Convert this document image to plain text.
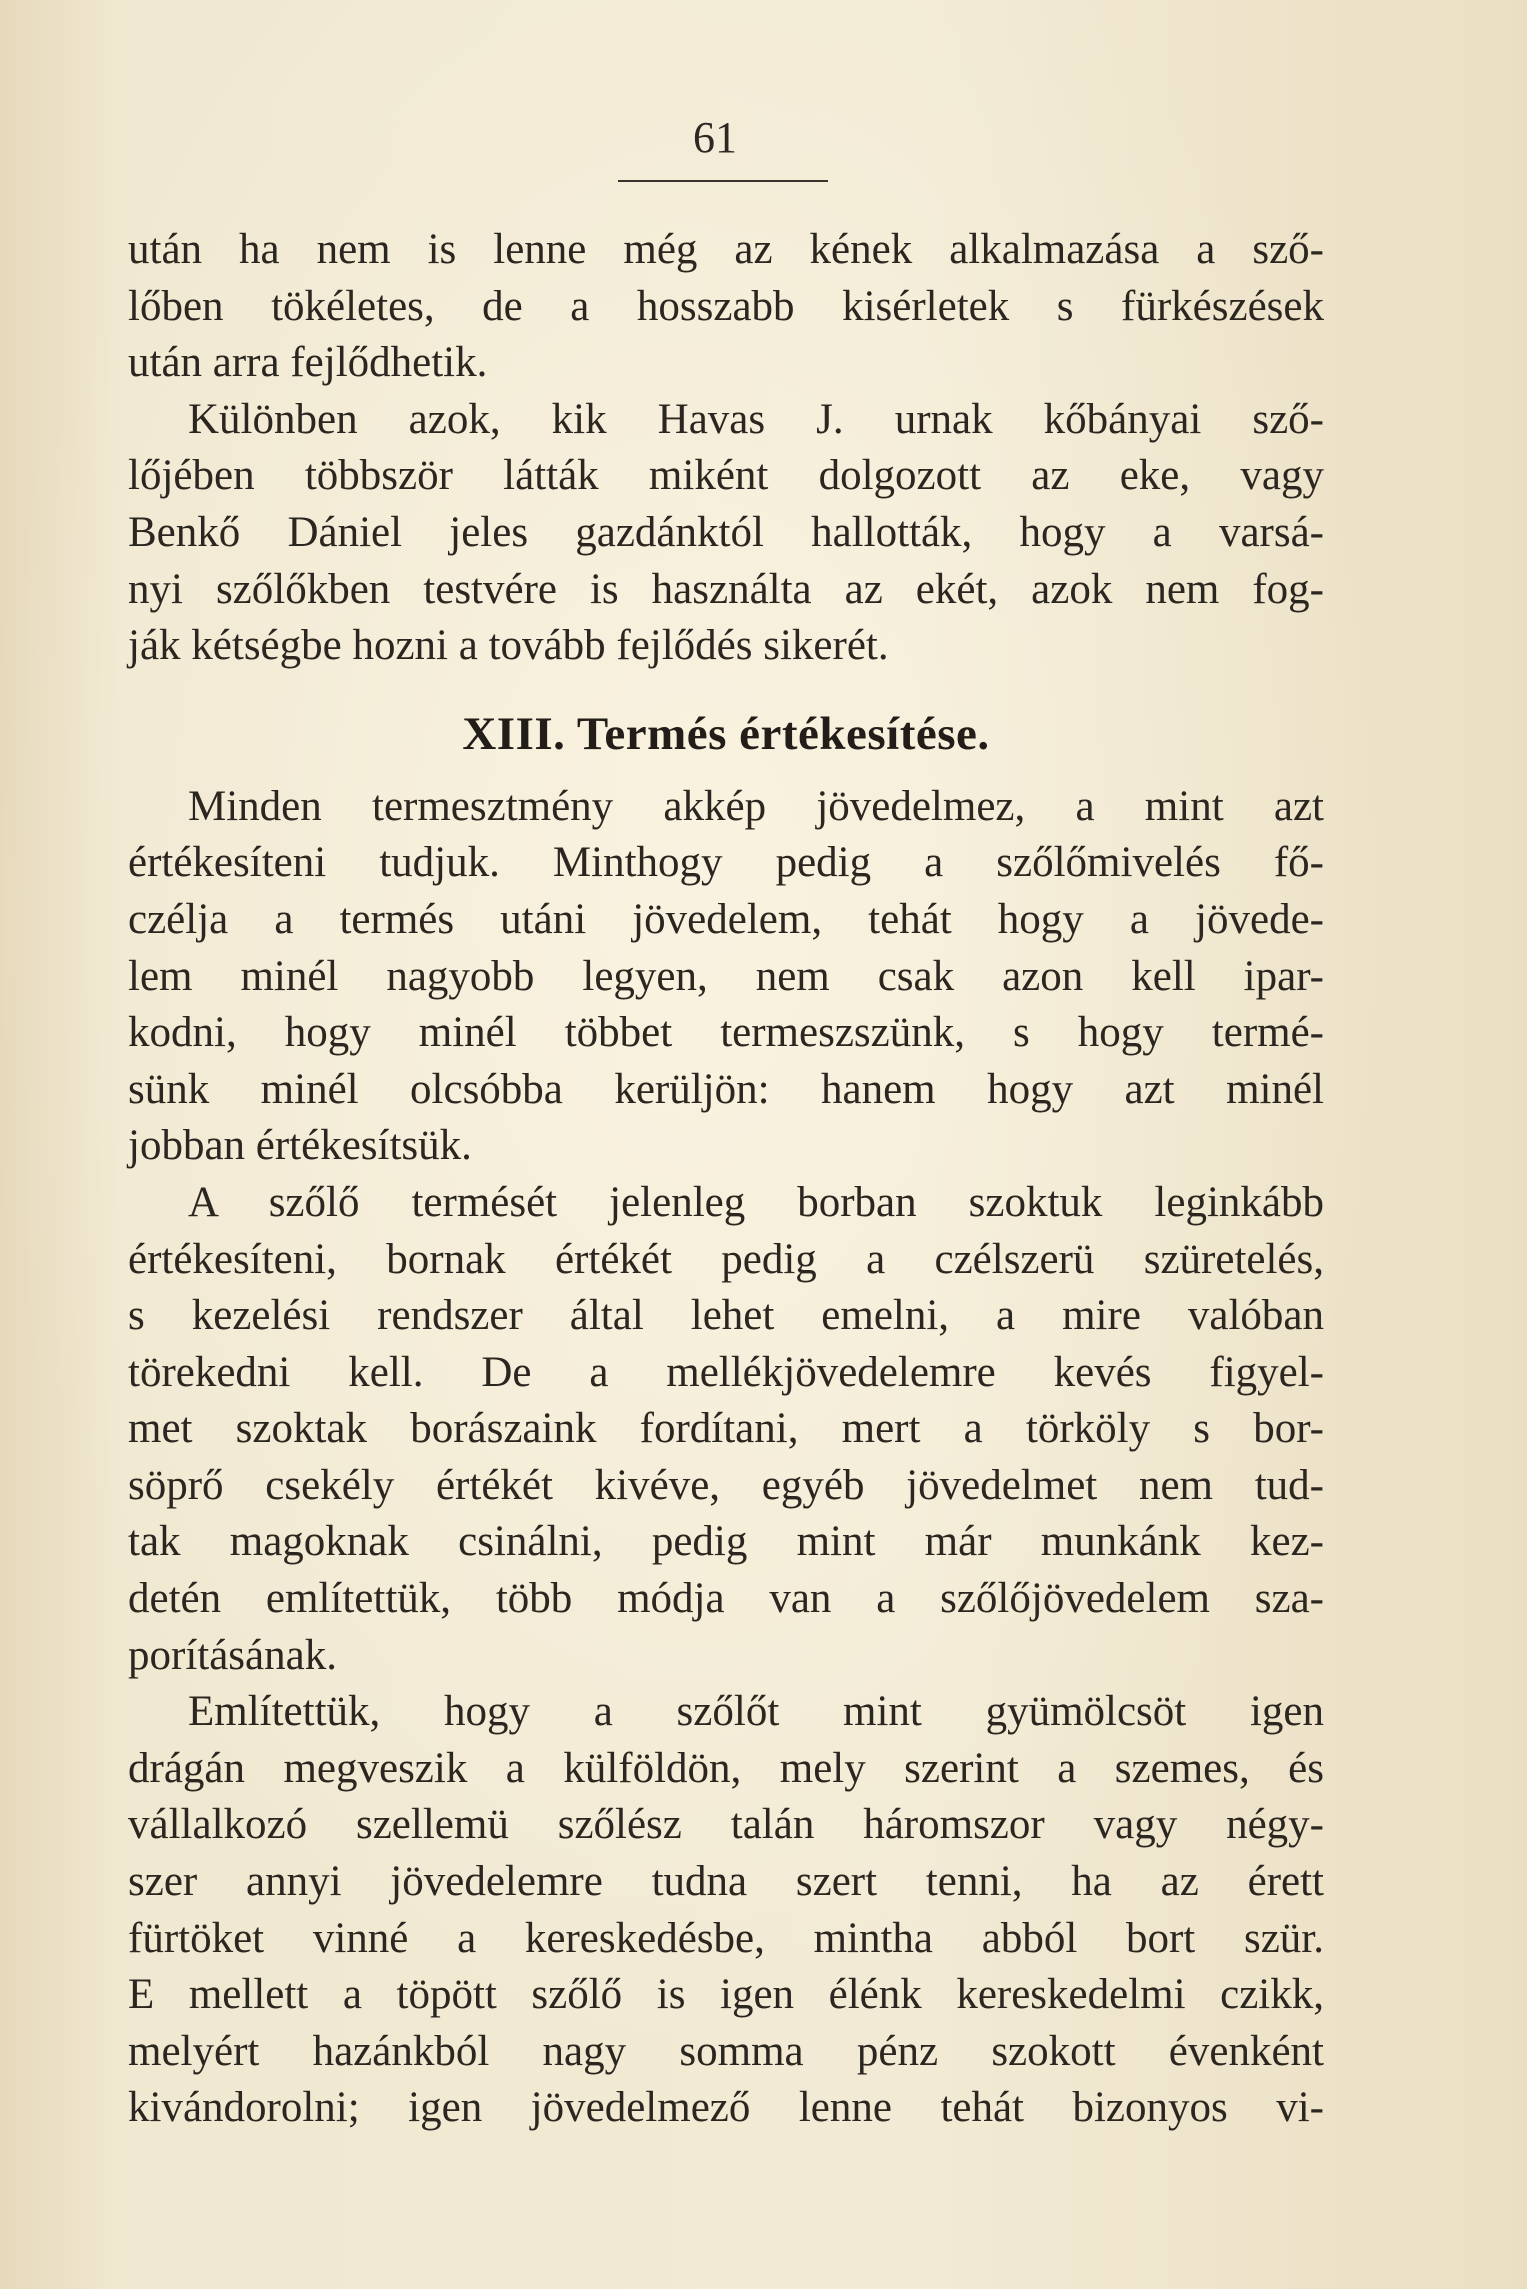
61
után ha nem is lenne még az kének alkalmazása a sző-
lőben tökéletes, de a hosszabb kisérletek s fürkészések
után arra fejlődhetik.
Különben azok, kik Havas J. urnak kőbányai sző-
lőjében többször látták miként dolgozott az eke, vagy
Benkő Dániel jeles gazdánktól hallották, hogy a varsá-
nyi szőlőkben testvére is használta az ekét, azok nem fog-
ják kétségbe hozni a tovább fejlődés sikerét.
XIII. Termés értékesítése.
Minden termesztmény akkép jövedelmez, a mint azt
értékesíteni tudjuk. Minthogy pedig a szőlőmivelés fő-
czélja a termés utáni jövedelem, tehát hogy a jövede-
lem minél nagyobb legyen, nem csak azon kell ipar-
kodni, hogy minél többet termeszszünk, s hogy termé-
sünk minél olcsóbba kerüljön: hanem hogy azt minél
jobban értékesítsük.
A szőlő termését jelenleg borban szoktuk leginkább
értékesíteni, bornak értékét pedig a czélszerü szüretelés,
s kezelési rendszer által lehet emelni, a mire valóban
törekedni kell. De a mellékjövedelemre kevés figyel-
met szoktak borászaink fordítani, mert a törköly s bor-
söprő csekély értékét kivéve, egyéb jövedelmet nem tud-
tak magoknak csinálni, pedig mint már munkánk kez-
detén említettük, több módja van a szőlőjövedelem sza-
porításának.
Említettük, hogy a szőlőt mint gyümölcsöt igen
drágán megveszik a külföldön, mely szerint a szemes, és
vállalkozó szellemü szőlész talán háromszor vagy négy-
szer annyi jövedelemre tudna szert tenni, ha az érett
fürtöket vinné a kereskedésbe, mintha abból bort szür.
E mellett a töpött szőlő is igen élénk kereskedelmi czikk,
melyért hazánkból nagy somma pénz szokott évenként
kivándorolni; igen jövedelmező lenne tehát bizonyos vi-
